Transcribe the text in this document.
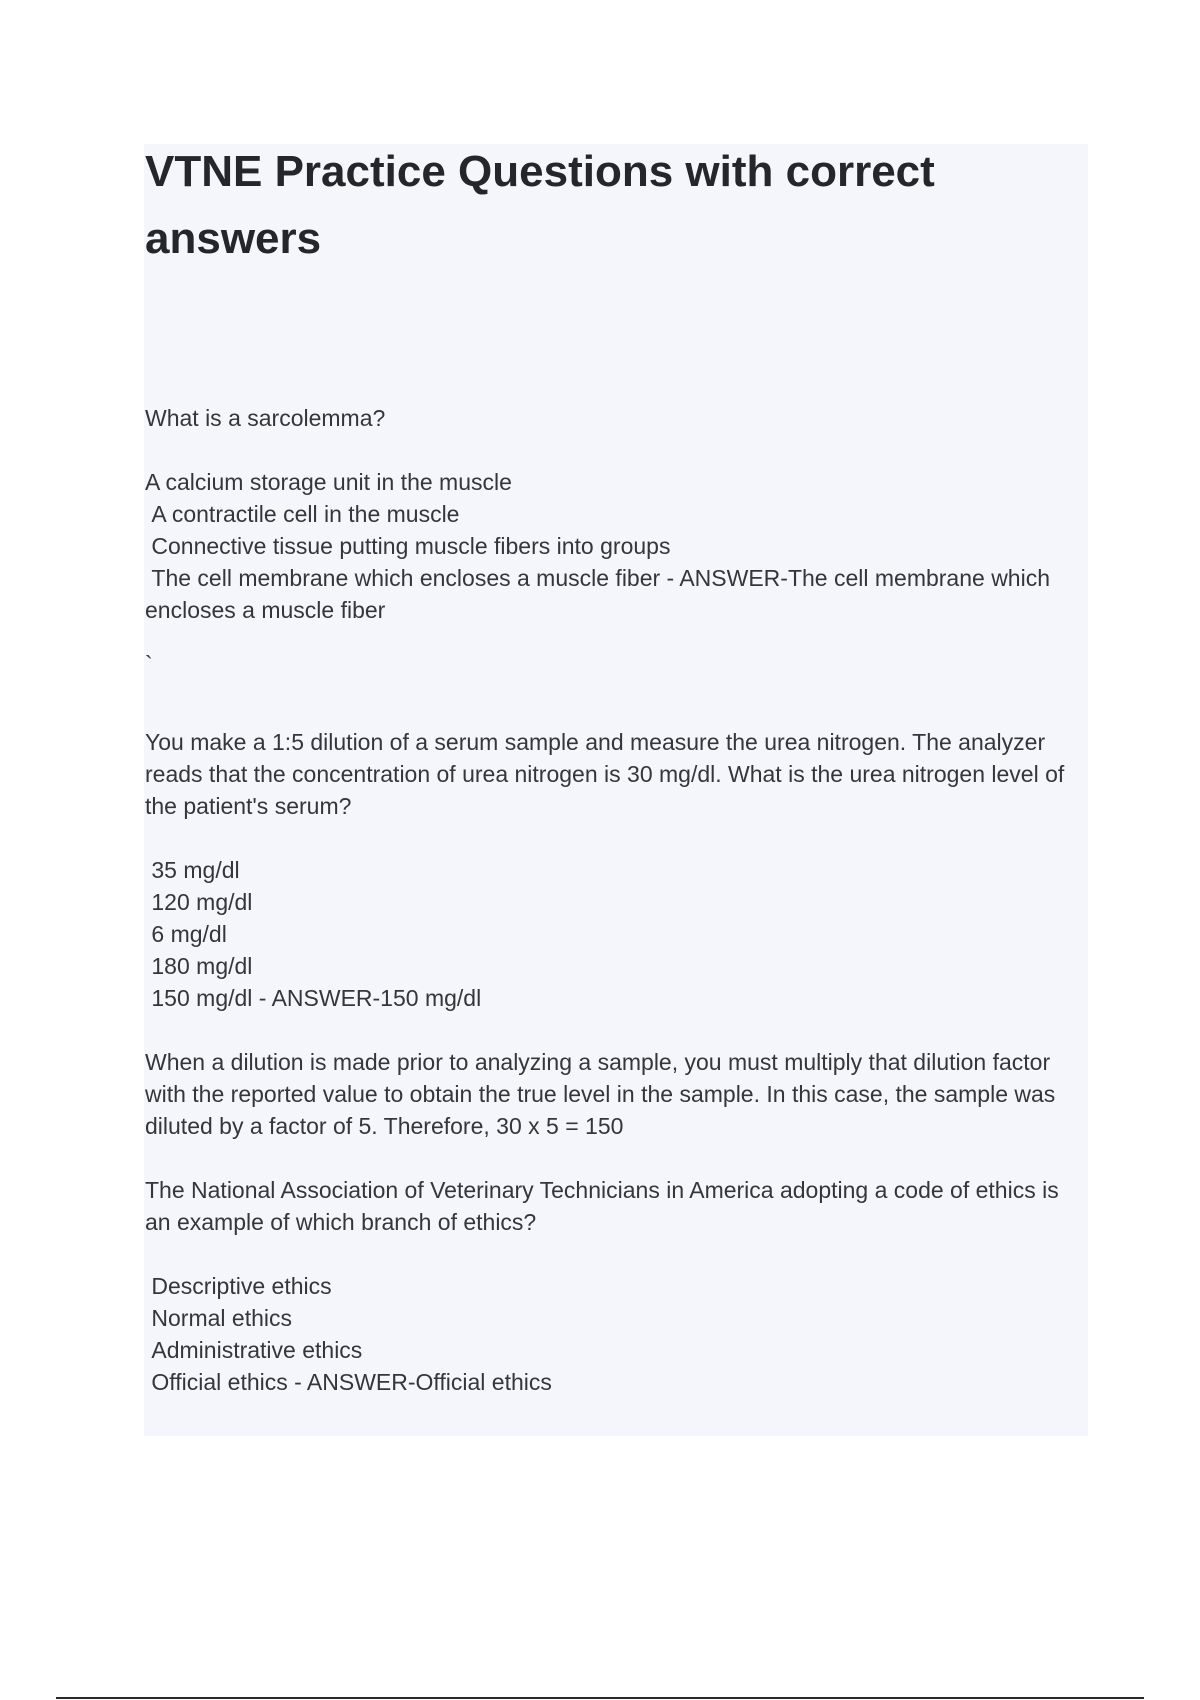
VTNE Practice Questions with correct answers
What is a sarcolemma?
A calcium storage unit in the muscle
A contractile cell in the muscle
Connective tissue putting muscle fibers into groups
The cell membrane which encloses a muscle fiber - ANSWER-The cell membrane which encloses a muscle fiber
`
You make a 1:5 dilution of a serum sample and measure the urea nitrogen. The analyzer reads that the concentration of urea nitrogen is 30 mg/dl. What is the urea nitrogen level of the patient's serum?
35 mg/dl
120 mg/dl
6 mg/dl
180 mg/dl
150 mg/dl - ANSWER-150 mg/dl
When a dilution is made prior to analyzing a sample, you must multiply that dilution factor with the reported value to obtain the true level in the sample. In this case, the sample was diluted by a factor of 5. Therefore, 30 x 5 = 150
The National Association of Veterinary Technicians in America adopting a code of ethics is an example of which branch of ethics?
Descriptive ethics
Normal ethics
Administrative ethics
Official ethics - ANSWER-Official ethics
